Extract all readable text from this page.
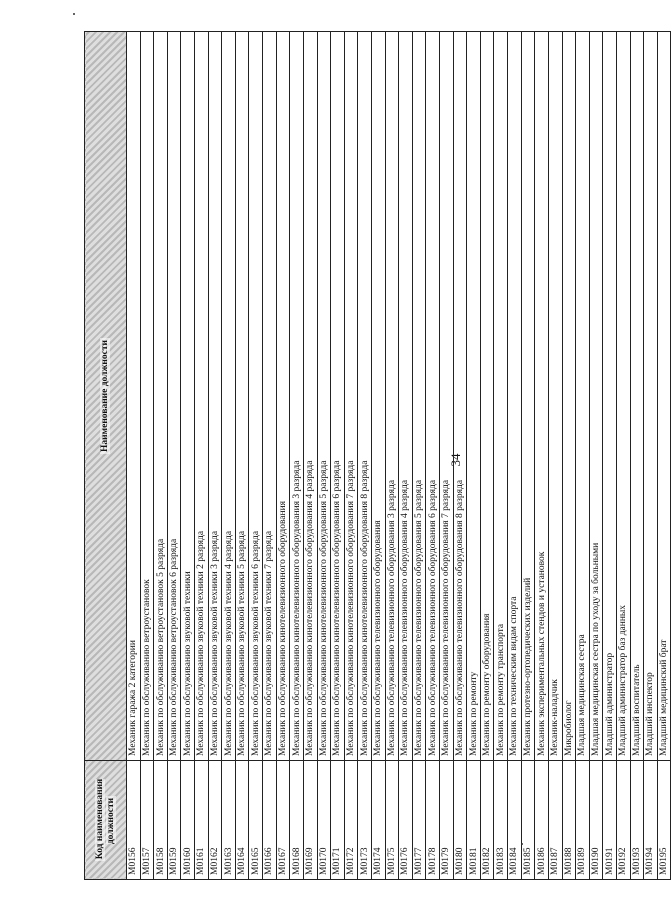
34
Код наименования должности	Наименование должности
М0156	Механик гаража 2 категории
М0157	Механик по обслуживанию ветроустановок
М0158	Механик по обслуживанию ветроустановок 5 разряда
М0159	Механик по обслуживанию ветроустановок 6 разряда
М0160	Механик по обслуживанию звуковой техники
М0161	Механик по обслуживанию звуковой техники 2 разряда
М0162	Механик по обслуживанию звуковой техники 3 разряда
М0163	Механик по обслуживанию звуковой техники 4 разряда
М0164	Механик по обслуживанию звуковой техники 5 разряда
М0165	Механик по обслуживанию звуковой техники 6 разряда
М0166	Механик по обслуживанию звуковой техники 7 разряда
М0167	Механик по обслуживанию кинотелевизионного оборудования
М0168	Механик по обслуживанию кинотелевизионного оборудования 3 разряда
М0169	Механик по обслуживанию кинотелевизионного оборудования 4 разряда
М0170	Механик по обслуживанию кинотелевизионного оборудования 5 разряда
М0171	Механик по обслуживанию кинотелевизионного оборудования 6 разряда
М0172	Механик по обслуживанию кинотелевизионного оборудования 7 разряда
М0173	Механик по обслуживанию кинотелевизионного оборудования 8 разряда
М0174	Механик по обслуживанию телевизионного оборудования
М0175	Механик по обслуживанию телевизионного оборудования 3 разряда
М0176	Механик по обслуживанию телевизионного оборудования 4 разряда
М0177	Механик по обслуживанию телевизионного оборудования 5 разряда
М0178	Механик по обслуживанию телевизионного оборудования 6 разряда
М0179	Механик по обслуживанию телевизионного оборудования 7 разряда
М0180	Механик по обслуживанию телевизионного оборудования 8 разряда
М0181	Механик по ремонту
М0182	Механик по ремонту оборудования
М0183	Механик по ремонту транспорта
М0184	Механик по техническим видам спорта
М0185	Механик протезно-ортопедических изделий
М0186	Механик экспериментальных стендов и установок
М0187	Механик-наладчик
М0188	Микробиолог
М0189	Младшая медицинская сестра
М0190	Младшая медицинская сестра по уходу за больными
М0191	Младший администратор
М0192	Младший администратор баз данных
М0193	Младший воспитатель
М0194	Младший инспектор
М0195	Младший медицинский брат
